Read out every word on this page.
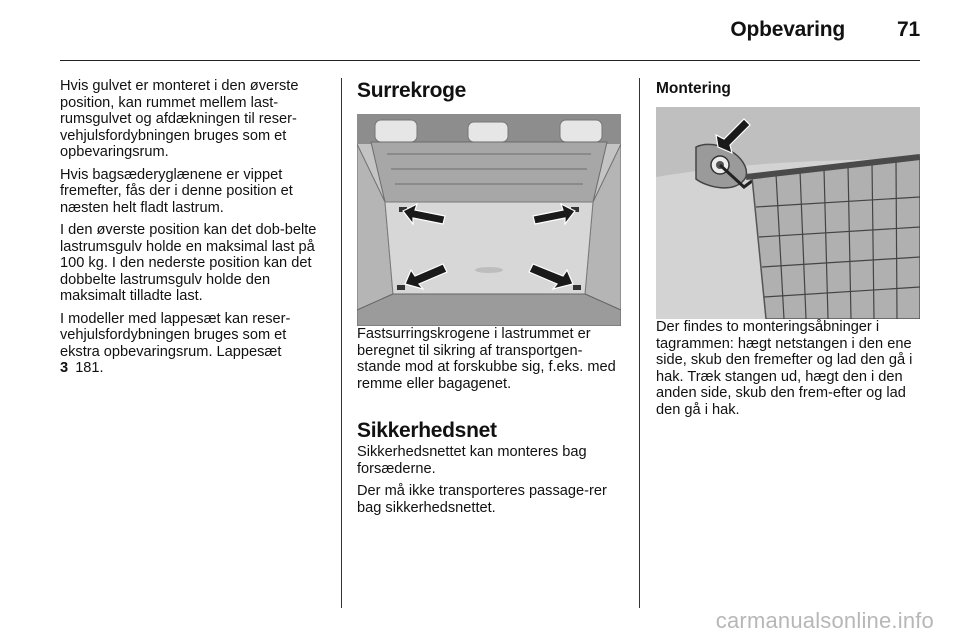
Opbevaring 71

Hvis gulvet er monteret i den øverste position, kan rummet mellem last-rumsgulvet og afdækningen til reser-vehjulsfordybningen bruges som et opbevaringsrum.

Hvis bagsæderyglænene er vippet fremefter, fås der i denne position et næsten helt fladt lastrum.

I den øverste position kan det dob-belte lastrumsgulv holde en maksimal last på 100 kg. I den nederste position kan det dobbelte lastrumsgulv holde den maksimalt tilladte last.

I modeller med lappesæt kan reser-vehjulsfordybningen bruges som et ekstra opbevaringsrum. Lappesæt
3 181.

Surrekroge

Fastsurringskrogene i lastrummet er beregnet til sikring af transportgen-stande mod at forskubbe sig, f.eks. med remme eller bagagenet.

Sikkerhedsnet

Sikkerhedsnettet kan monteres bag forsæderne.

Der må ikke transporteres passage-rer bag sikkerhedsnettet.

Montering

Der findes to monteringsåbninger i tagrammen: hægt netstangen i den ene side, skub den fremefter og lad den gå i hak. Træk stangen ud, hægt den i den anden side, skub den frem-efter og lad den gå i hak.

carmanualsonline.info
